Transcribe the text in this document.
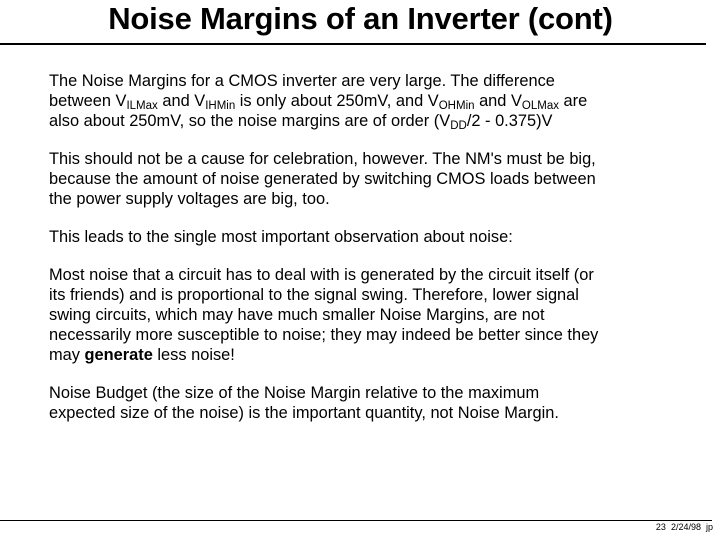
Noise Margins of an Inverter (cont)

The Noise Margins for a CMOS inverter are very large. The difference
between $V_{ILMax}$ and $V_{IHMin}$ is only about 250mV, and $V_{OHMin}$ and $V_{OLMax}$ are
also about 250mV, so the noise margins are of order $(V_{DD}/2 - 0.375)V$

This should not be a cause for celebration, however. The NM's must be big,
because the amount of noise generated by switching CMOS loads between
the power supply voltages are big, too.

This leads to the single most important observation about noise:

Most noise that a circuit has to deal with is generated by the circuit itself (or
its friends) and is proportional to the signal swing. Therefore, lower signal
swing circuits, which may have much smaller Noise Margins, are not
necessarily more susceptible to noise; they may indeed be better since they
may generate less noise!

Noise Budget (the size of the Noise Margin relative to the maximum
expected size of the noise) is the important quantity, not Noise Margin.

23 2/24/98 jp
